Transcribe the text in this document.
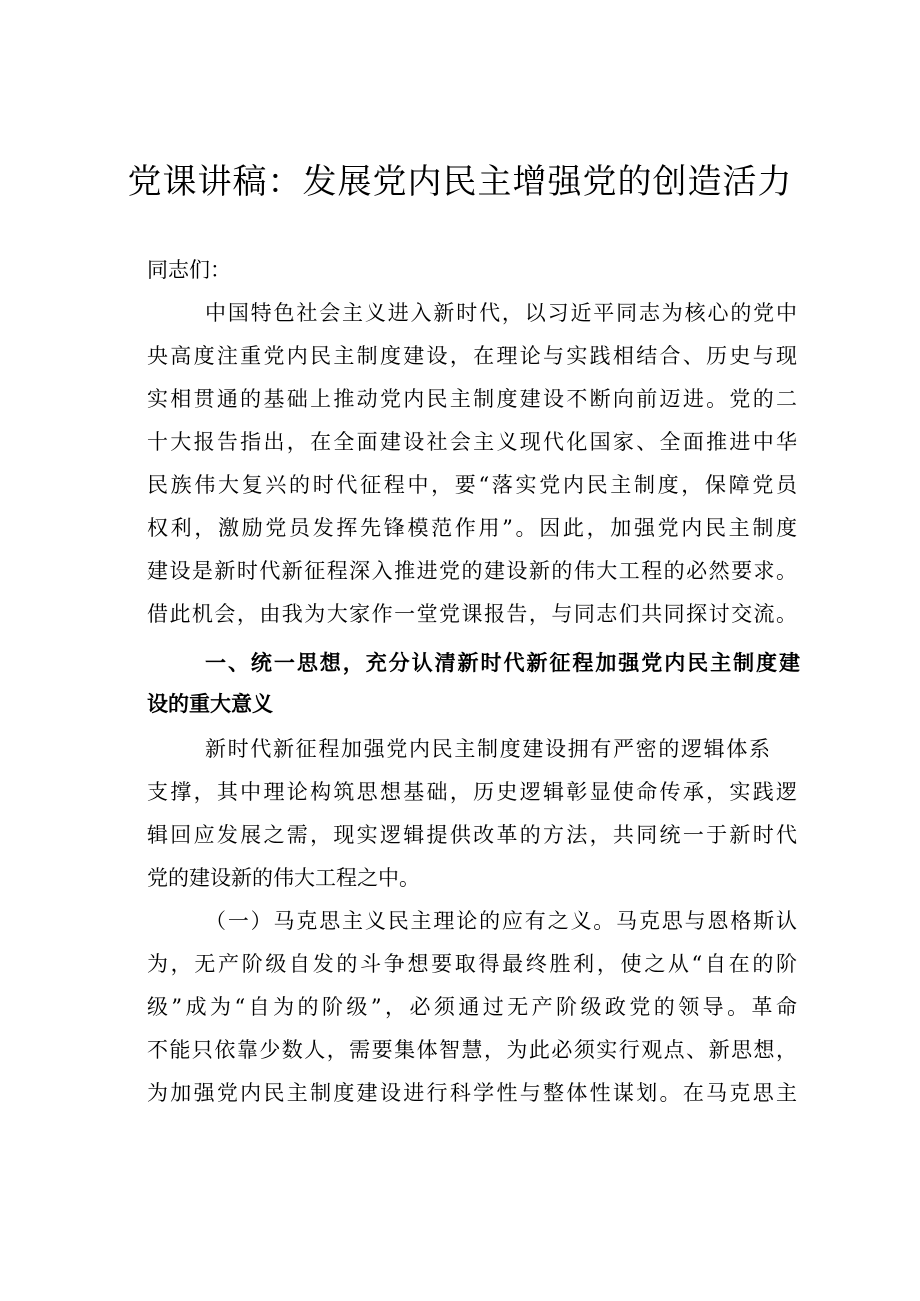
党课讲稿：发展党内民主增强党的创造活力
同志们：
中国特色社会主义进入新时代，以习近平同志为核心的党中
央高度注重党内民主制度建设，在理论与实践相结合、历史与现
实相贯通的基础上推动党内民主制度建设不断向前迈进。党的二
十大报告指出，在全面建设社会主义现代化国家、全面推进中华
民族伟大复兴的时代征程中，要“落实党内民主制度，保障党员
权利，激励党员发挥先锋模范作用”。因此，加强党内民主制度
建设是新时代新征程深入推进党的建设新的伟大工程的必然要求。
借此机会，由我为大家作一堂党课报告，与同志们共同探讨交流。
一、统一思想，充分认清新时代新征程加强党内民主制度建
设的重大意义
新时代新征程加强党内民主制度建设拥有严密的逻辑体系
支撑，其中理论构筑思想基础，历史逻辑彰显使命传承，实践逻
辑回应发展之需，现实逻辑提供改革的方法，共同统一于新时代
党的建设新的伟大工程之中。
（一）马克思主义民主理论的应有之义。马克思与恩格斯认
为，无产阶级自发的斗争想要取得最终胜利，使之从“自在的阶
级”成为“自为的阶级”，必须通过无产阶级政党的领导。革命
不能只依靠少数人，需要集体智慧，为此必须实行观点、新思想，
为加强党内民主制度建设进行科学性与整体性谋划。在马克思主
